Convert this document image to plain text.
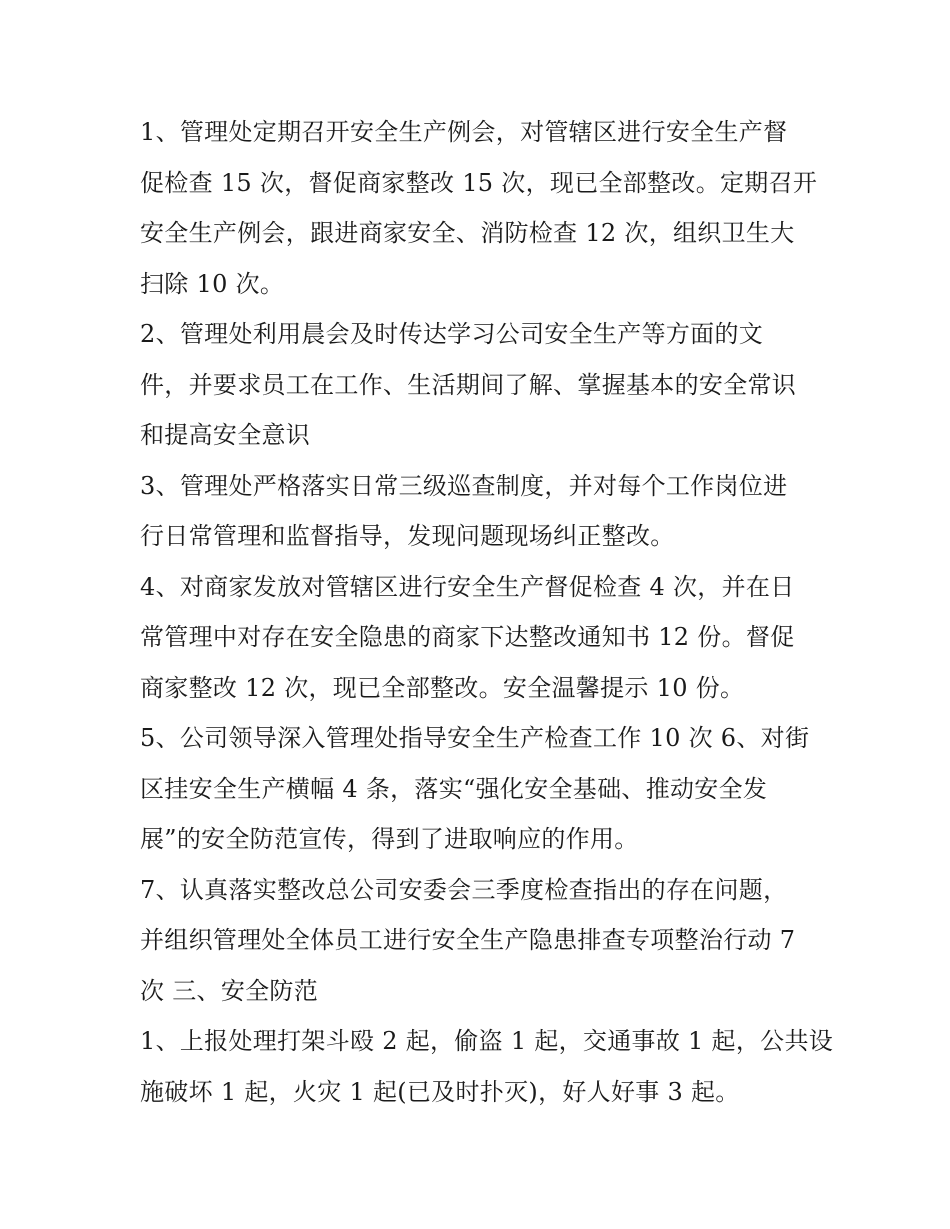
1、管理处定期召开安全生产例会，对管辖区进行安全生产督
促检查 15 次，督促商家整改 15 次，现已全部整改。定期召开
安全生产例会，跟进商家安全、消防检查 12 次，组织卫生大
扫除 10 次。
2、管理处利用晨会及时传达学习公司安全生产等方面的文
件，并要求员工在工作、生活期间了解、掌握基本的安全常识
和提高安全意识
3、管理处严格落实日常三级巡查制度，并对每个工作岗位进
行日常管理和监督指导，发现问题现场纠正整改。
4、对商家发放对管辖区进行安全生产督促检查 4 次，并在日
常管理中对存在安全隐患的商家下达整改通知书 12 份。督促
商家整改 12 次，现已全部整改。安全温馨提示 10 份。
5、公司领导深入管理处指导安全生产检查工作 10 次 6、对街
区挂安全生产横幅 4 条，落实“强化安全基础、推动安全发
展”的安全防范宣传，得到了进取响应的作用。
7、认真落实整改总公司安委会三季度检查指出的存在问题，
并组织管理处全体员工进行安全生产隐患排查专项整治行动 7
次 三、安全防范
1、上报处理打架斗殴 2 起，偷盗 1 起，交通事故 1 起，公共设
施破坏 1 起，火灾 1 起(已及时扑灭)，好人好事 3 起。
